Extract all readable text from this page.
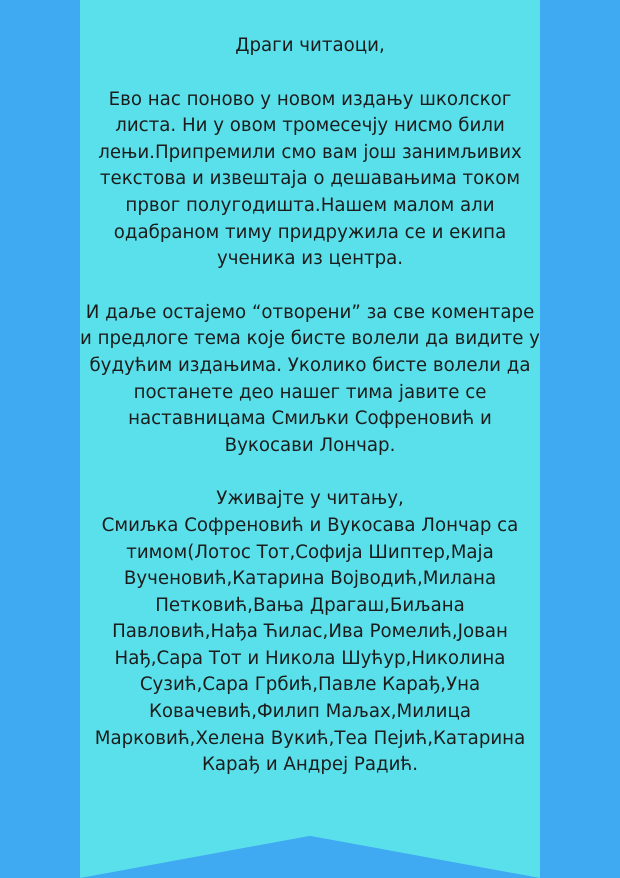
Драги читаоци,
Ево нас поново у новом издању школског
листа. Ни у овом тромесечју нисмо били
лењи.Припремили смо вам још занимљивих
текстова и извештаја о дешавањима током
првог полугодишта.Нашем малом али
одабраном тиму придружила се и екипа
ученика из центра.
И даље остајемо “отворени” за све коментаре
и предлоге тема које бисте волели да видите у
будућим издањима. Уколико бисте волели да
постанете део нашег тима јавите се
наставницама Смиљки Софреновић и
Вукосави Лончар.
Уживајте у читању,
Смиљка Софреновић и Вукосава Лончар са
тимом(Лотос Тот,Софија Шиптер,Маја
Вученовић,Катарина Војводић,Милана
Петковић,Вања Драгаш,Биљана
Павловић,Нађа Ћилас,Ива Ромелић,Јован
Нађ,Сара Тот и Никола Шућур,Николина
Сузић,Сара Грбић,Павле Карађ,Уна
Ковачевић,Филип Маљах,Милица
Марковић,Хелена Вукић,Теа Пејић,Катарина
Карађ и Андреј Радић.
